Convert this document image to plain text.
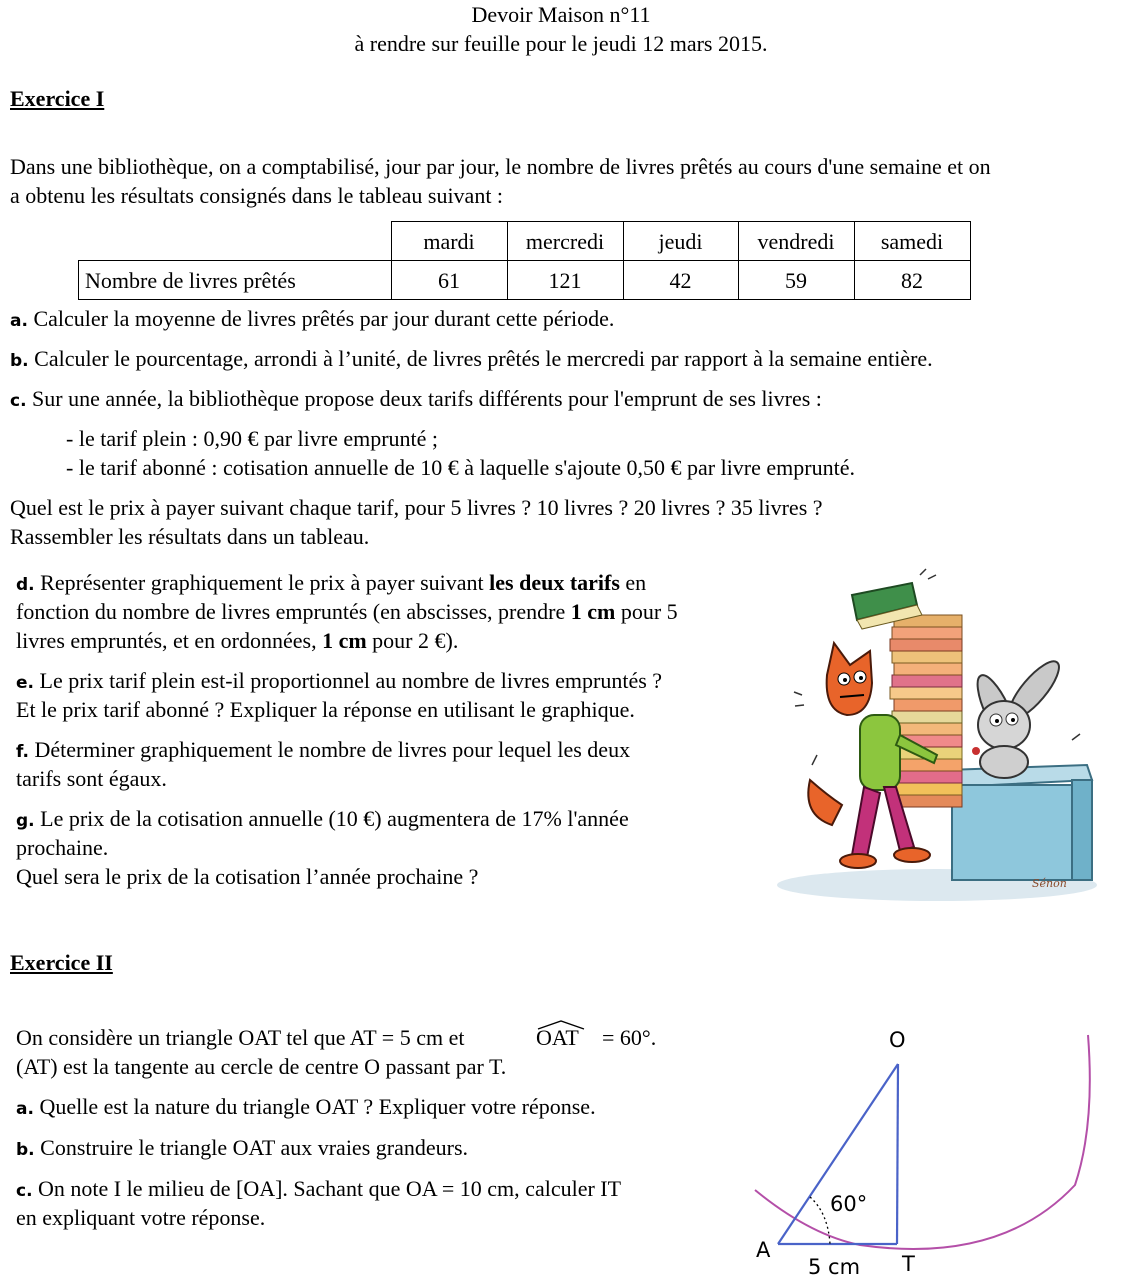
Devoir Maison n°11
à rendre sur feuille pour le jeudi 12 mars 2015.
Exercice I
Dans une bibliothèque, on a comptabilisé, jour par jour, le nombre de livres prêtés au cours d'une semaine et on
a obtenu les résultats consignés dans le tableau suivant :
	mardi	mercredi	jeudi	vendredi	samedi
Nombre de livres prêtés	61	121	42	59	82
a. Calculer la moyenne de livres prêtés par jour durant cette période.
b. Calculer le pourcentage, arrondi à l’unité, de livres prêtés le mercredi par rapport à la semaine entière.
c. Sur une année, la bibliothèque propose deux tarifs différents pour l'emprunt de ses livres :
- le tarif plein : 0,90 € par livre emprunté ;
- le tarif abonné : cotisation annuelle de 10 € à laquelle s'ajoute 0,50 € par livre emprunté.
Quel est le prix à payer suivant chaque tarif, pour 5 livres ? 10 livres ? 20 livres ? 35 livres ?
Rassembler les résultats dans un tableau.
d. Représenter graphiquement le prix à payer suivant les deux tarifs en
fonction du nombre de livres empruntés (en abscisses, prendre 1 cm pour 5
livres empruntés, et en ordonnées, 1 cm pour 2 €).
e. Le prix tarif plein est-il proportionnel au nombre de livres empruntés ?
Et le prix tarif abonné ? Expliquer la réponse en utilisant le graphique.
f. Déterminer graphiquement le nombre de livres pour lequel les deux
tarifs sont égaux.
g. Le prix de la cotisation annuelle (10 €) augmentera de 17% l'année
prochaine.
Quel sera le prix de la cotisation l’année prochaine ?	Sénon
Exercice II
On considère un triangle OAT tel que AT = 5 cm et	OAT = 60°.
(AT) est la tangente au cercle de centre O passant par T.
a. Quelle est la nature du triangle OAT ? Expliquer votre réponse.
b. Construire le triangle OAT aux vraies grandeurs.
c. On note I le milieu de [OA]. Sachant que OA = 10 cm, calculer IT
en expliquant votre réponse.
O
A
T
60°
5 cm
